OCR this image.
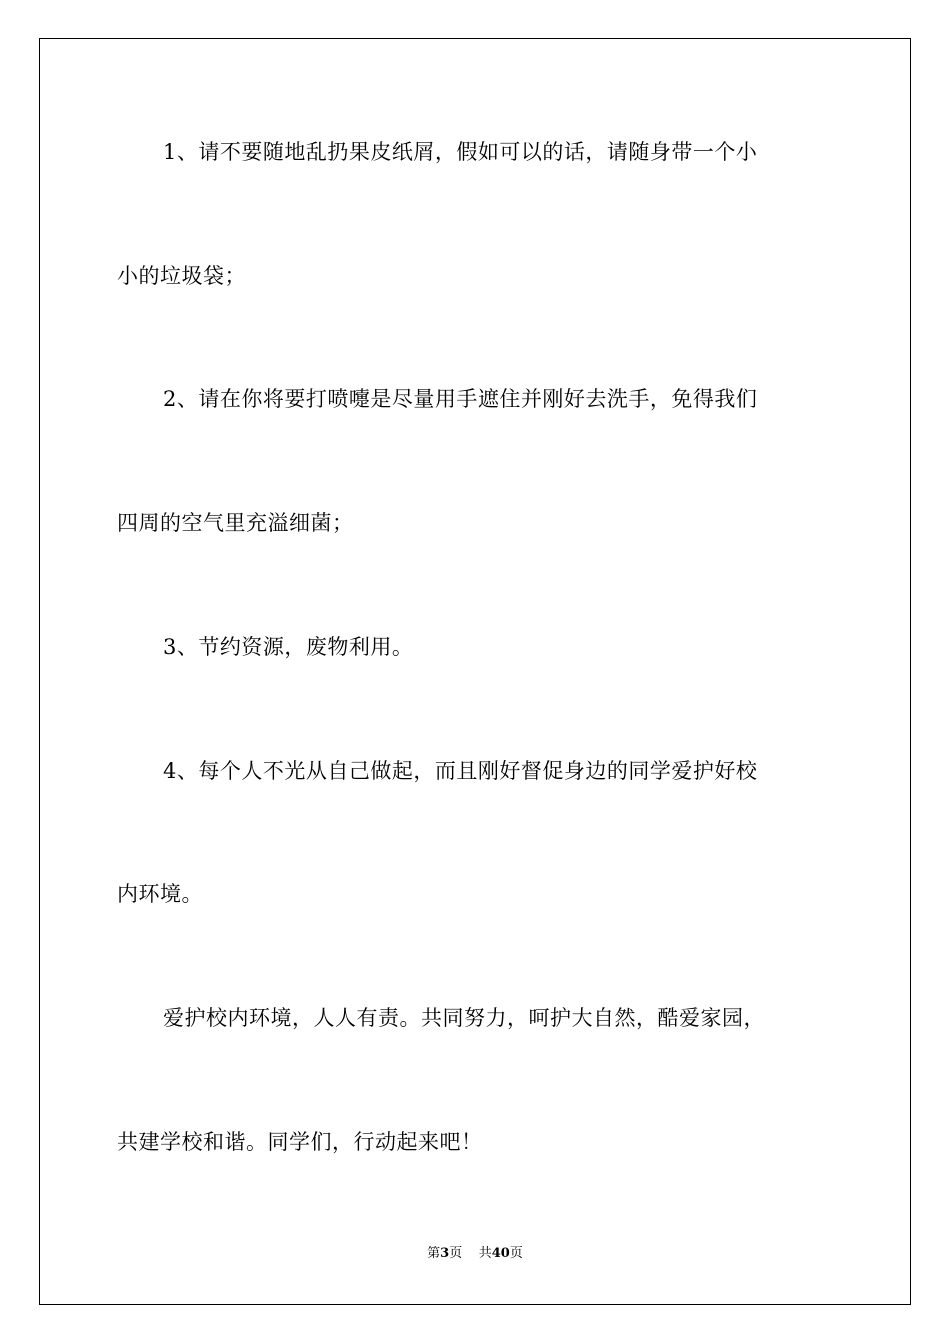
1、请不要随地乱扔果皮纸屑，假如可以的话，请随身带一个小
小的垃圾袋；
2、请在你将要打喷嚏是尽量用手遮住并刚好去洗手，免得我们
四周的空气里充溢细菌；
3、节约资源，废物利用。
4、每个人不光从自己做起，而且刚好督促身边的同学爱护好校
内环境。
爱护校内环境，人人有责。共同努力，呵护大自然，酷爱家园，
共建学校和谐。同学们，行动起来吧！
第3页 共40页
